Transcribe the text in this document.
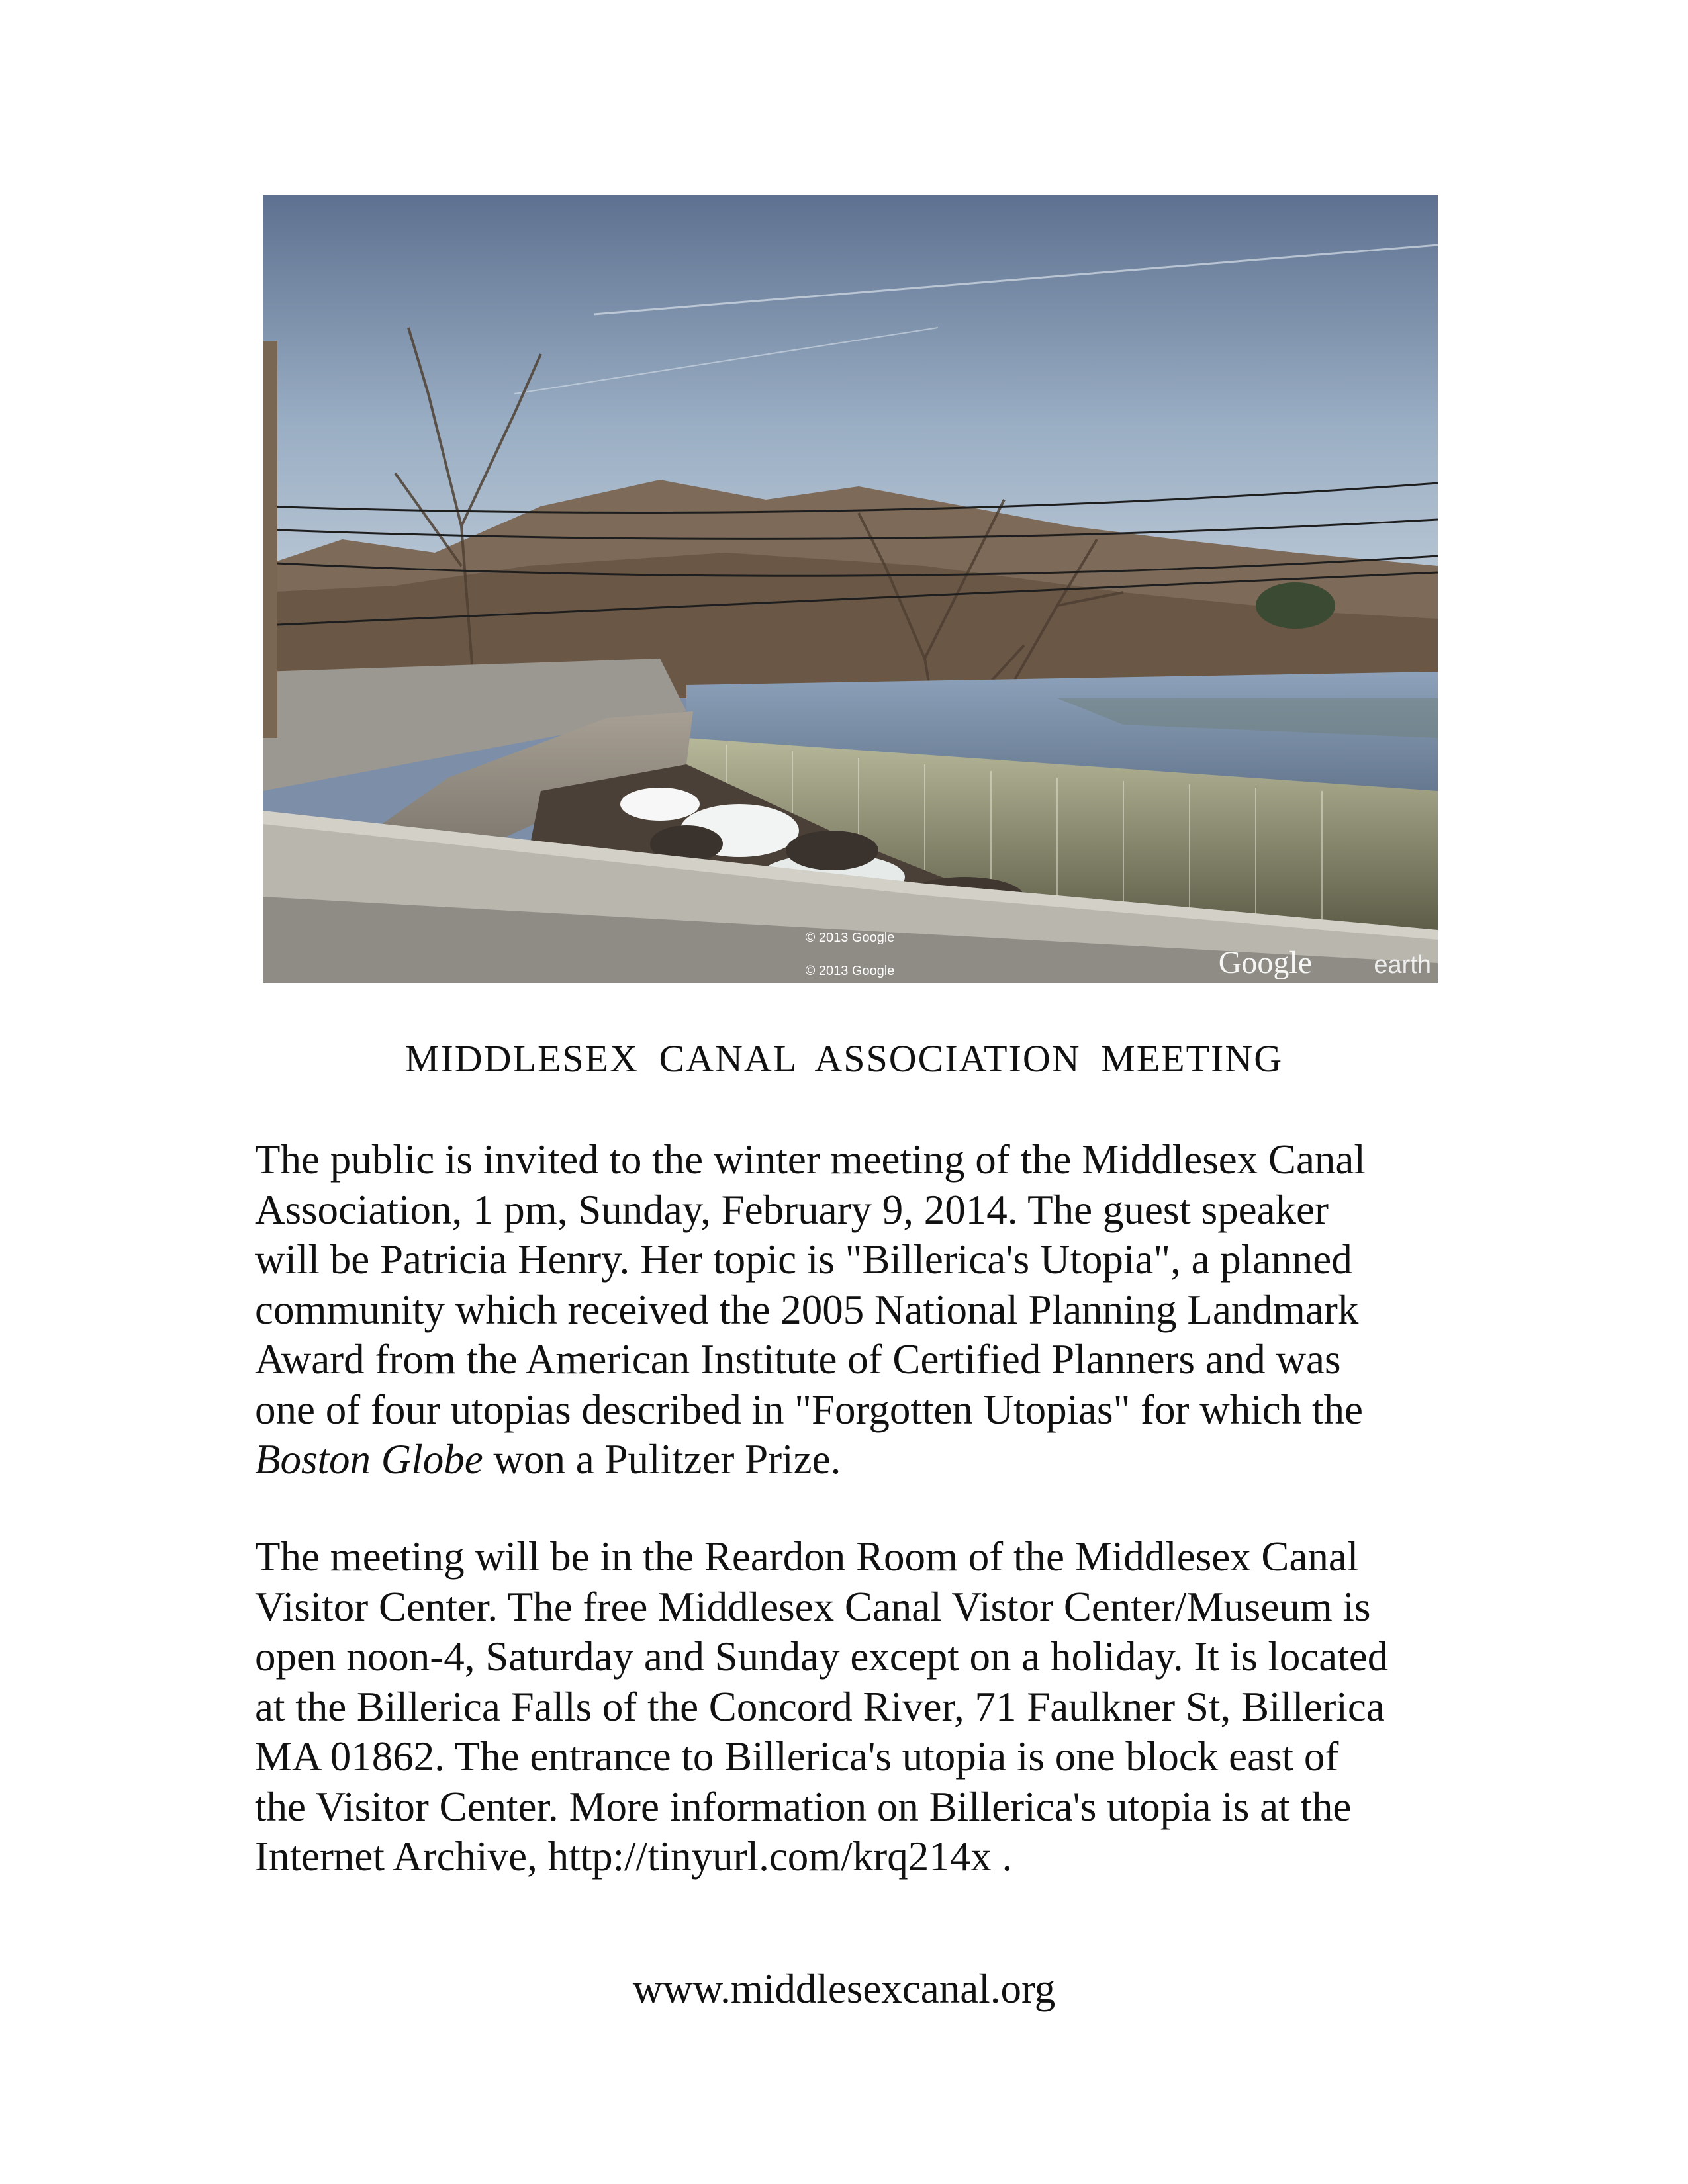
© 2013 Google
© 2013 Google	Google earth
MIDDLESEX CANAL ASSOCIATION MEETING
The public is invited to the winter meeting of the Middlesex Canal
Association, 1 pm, Sunday, February 9, 2014. The guest speaker
will be Patricia Henry. Her topic is "Billerica's Utopia", a planned
community which received the 2005 National Planning Landmark
Award from the American Institute of Certified Planners and was
one of four utopias described in "Forgotten Utopias" for which the
Boston Globe won a Pulitzer Prize.
The meeting will be in the Reardon Room of the Middlesex Canal
Visitor Center. The free Middlesex Canal Vistor Center/Museum is
open noon-4, Saturday and Sunday except on a holiday. It is located
at the Billerica Falls of the Concord River, 71 Faulkner St, Billerica
MA 01862. The entrance to Billerica's utopia is one block east of
the Visitor Center. More information on Billerica's utopia is at the
Internet Archive, http://tinyurl.com/krq214x .
www.middlesexcanal.org
